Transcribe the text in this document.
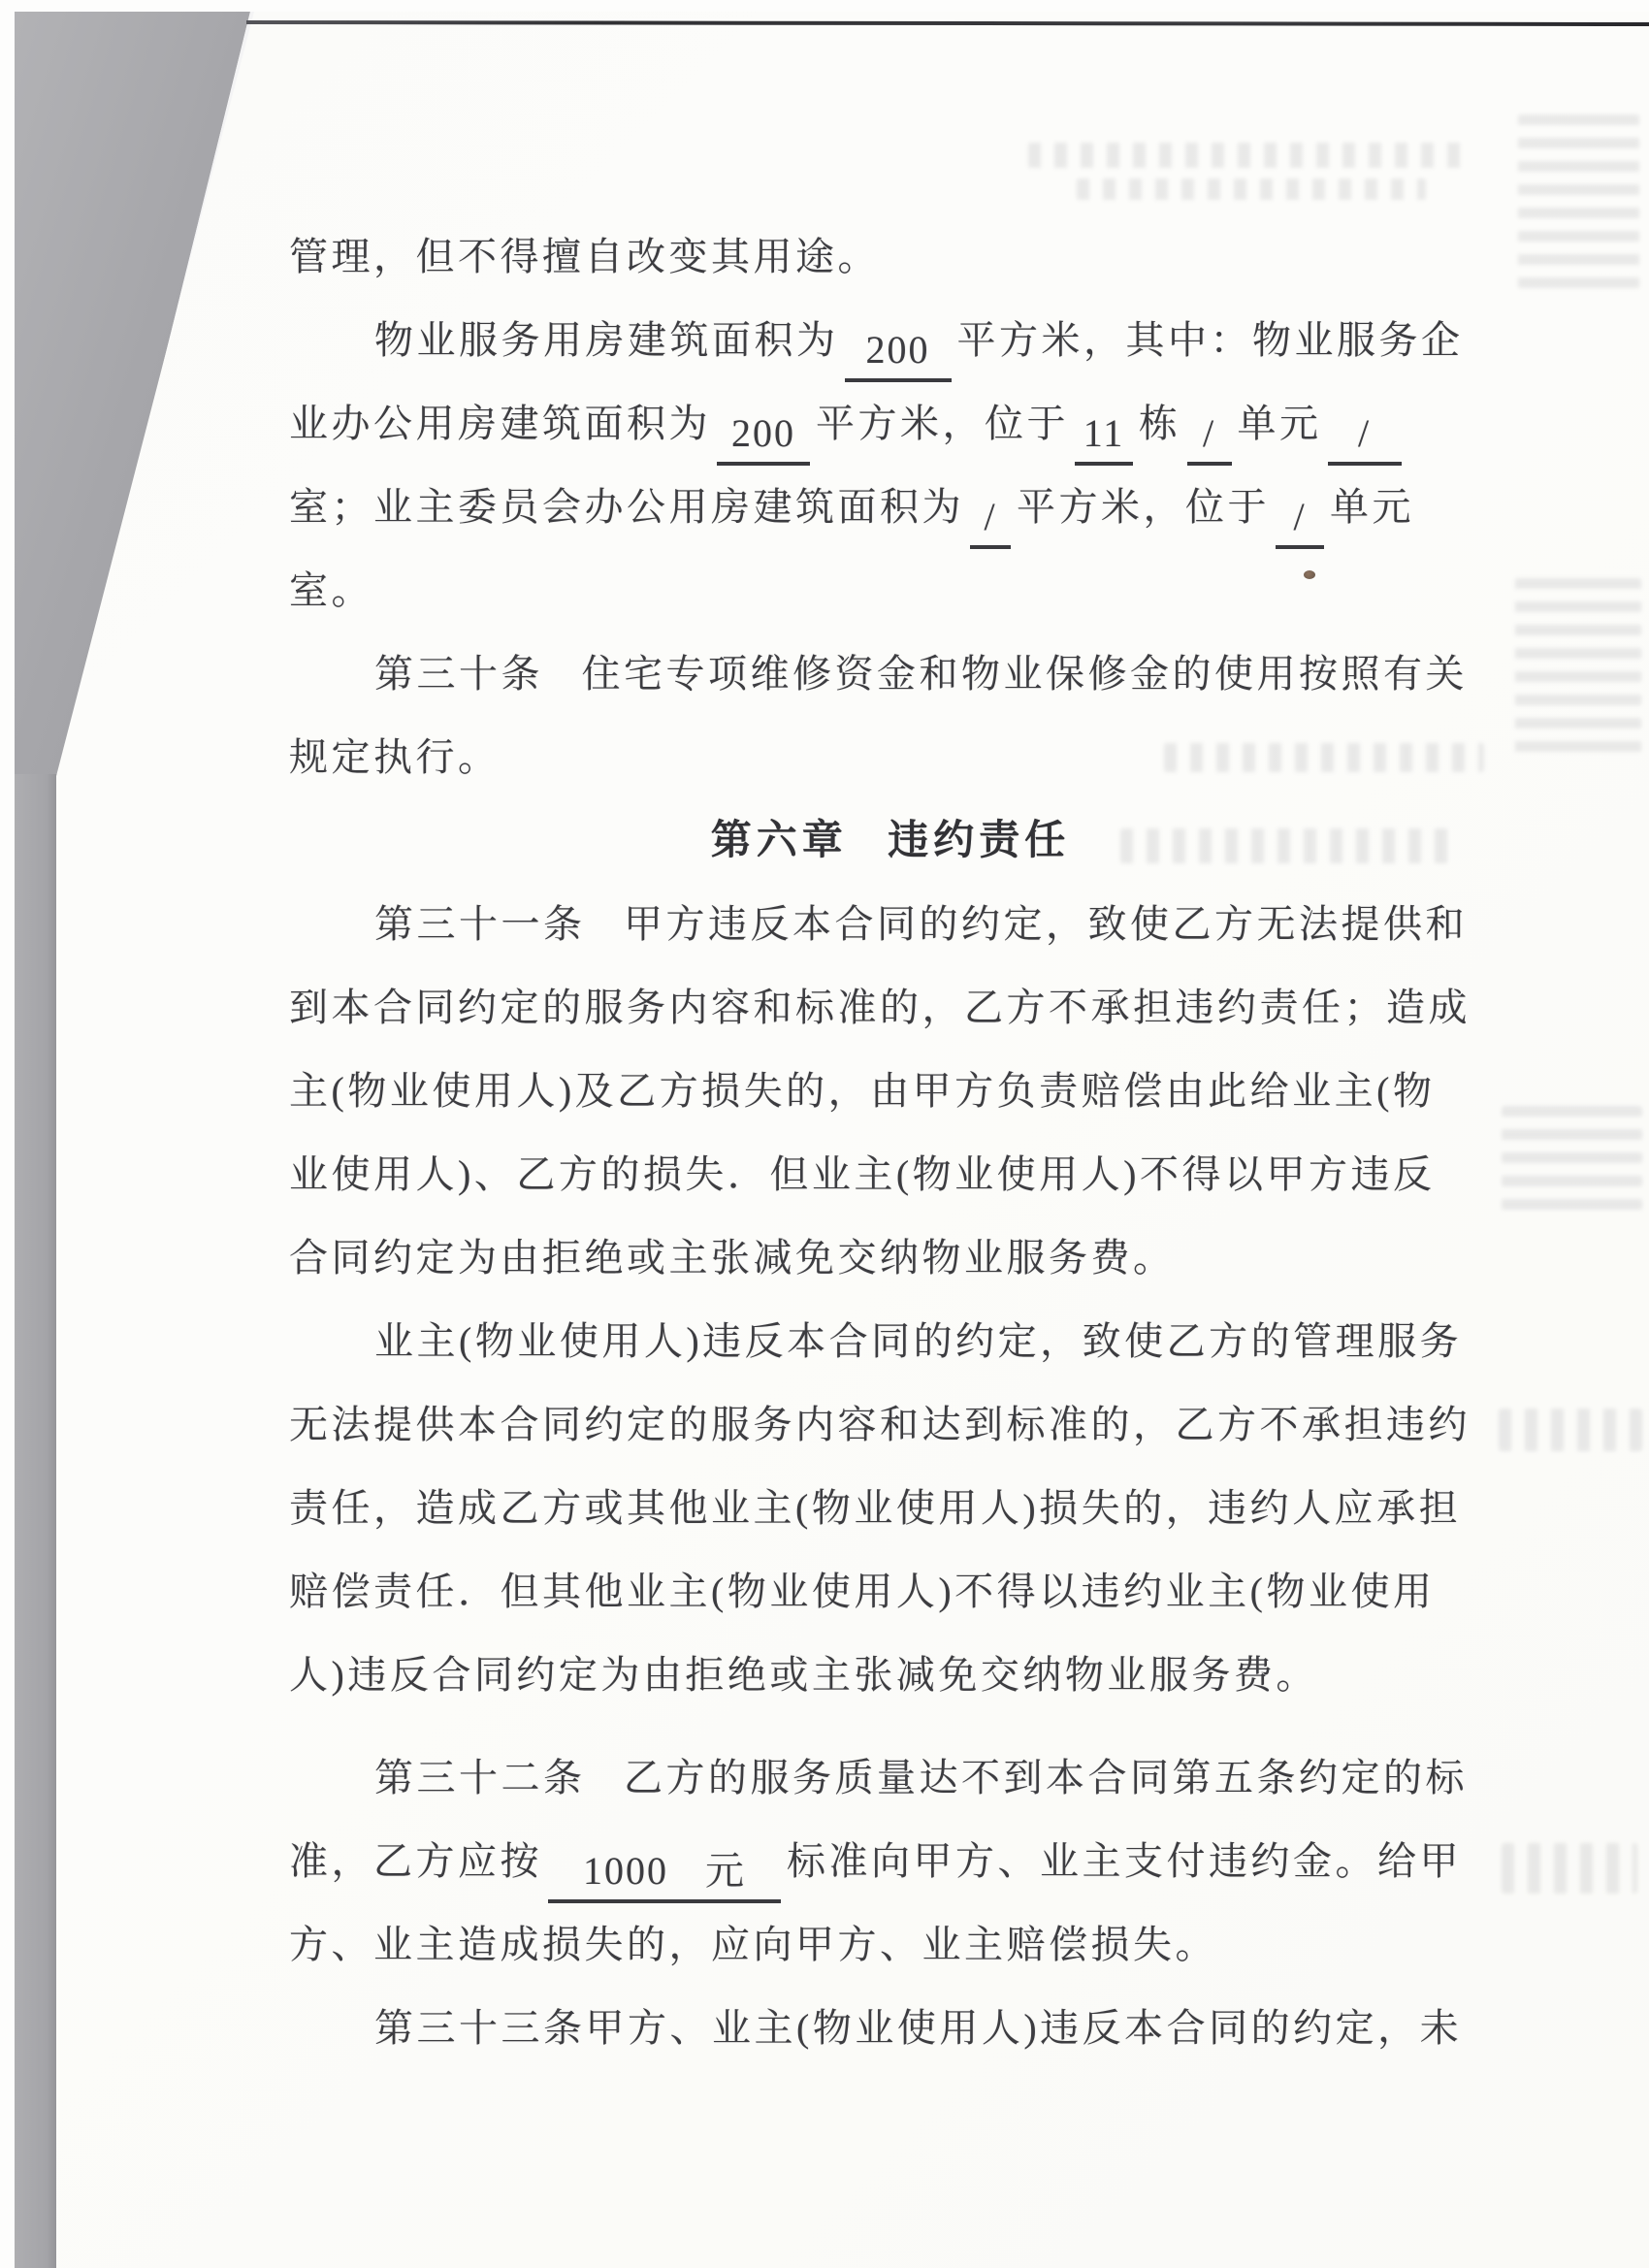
管理，但不得擅自改变其用途。
物业服务用房建筑面积为 200 平方米，其中：物业服务企
业办公用房建筑面积为 200 平方米，位于 11 栋 / 单元 /
室；业主委员会办公用房建筑面积为 / 平方米，位于 / 单元
室。
第三十条 住宅专项维修资金和物业保修金的使用按照有关
规定执行。
第六章 违约责任
第三十一条 甲方违反本合同的约定，致使乙方无法提供和
到本合同约定的服务内容和标准的，乙方不承担违约责任；造成
主(物业使用人)及乙方损失的，由甲方负责赔偿由此给业主(物
业使用人)、乙方的损失．但业主(物业使用人)不得以甲方违反
合同约定为由拒绝或主张减免交纳物业服务费。
业主(物业使用人)违反本合同的约定，致使乙方的管理服务
无法提供本合同约定的服务内容和达到标准的，乙方不承担违约
责任，造成乙方或其他业主(物业使用人)损失的，违约人应承担
赔偿责任．但其他业主(物业使用人)不得以违约业主(物业使用
人)违反合同约定为由拒绝或主张减免交纳物业服务费。
第三十二条 乙方的服务质量达不到本合同第五条约定的标
准，乙方应按 1000 元 标准向甲方、业主支付违约金。给甲
方、业主造成损失的，应向甲方、业主赔偿损失。
第三十三条甲方、业主(物业使用人)违反本合同的约定，未
